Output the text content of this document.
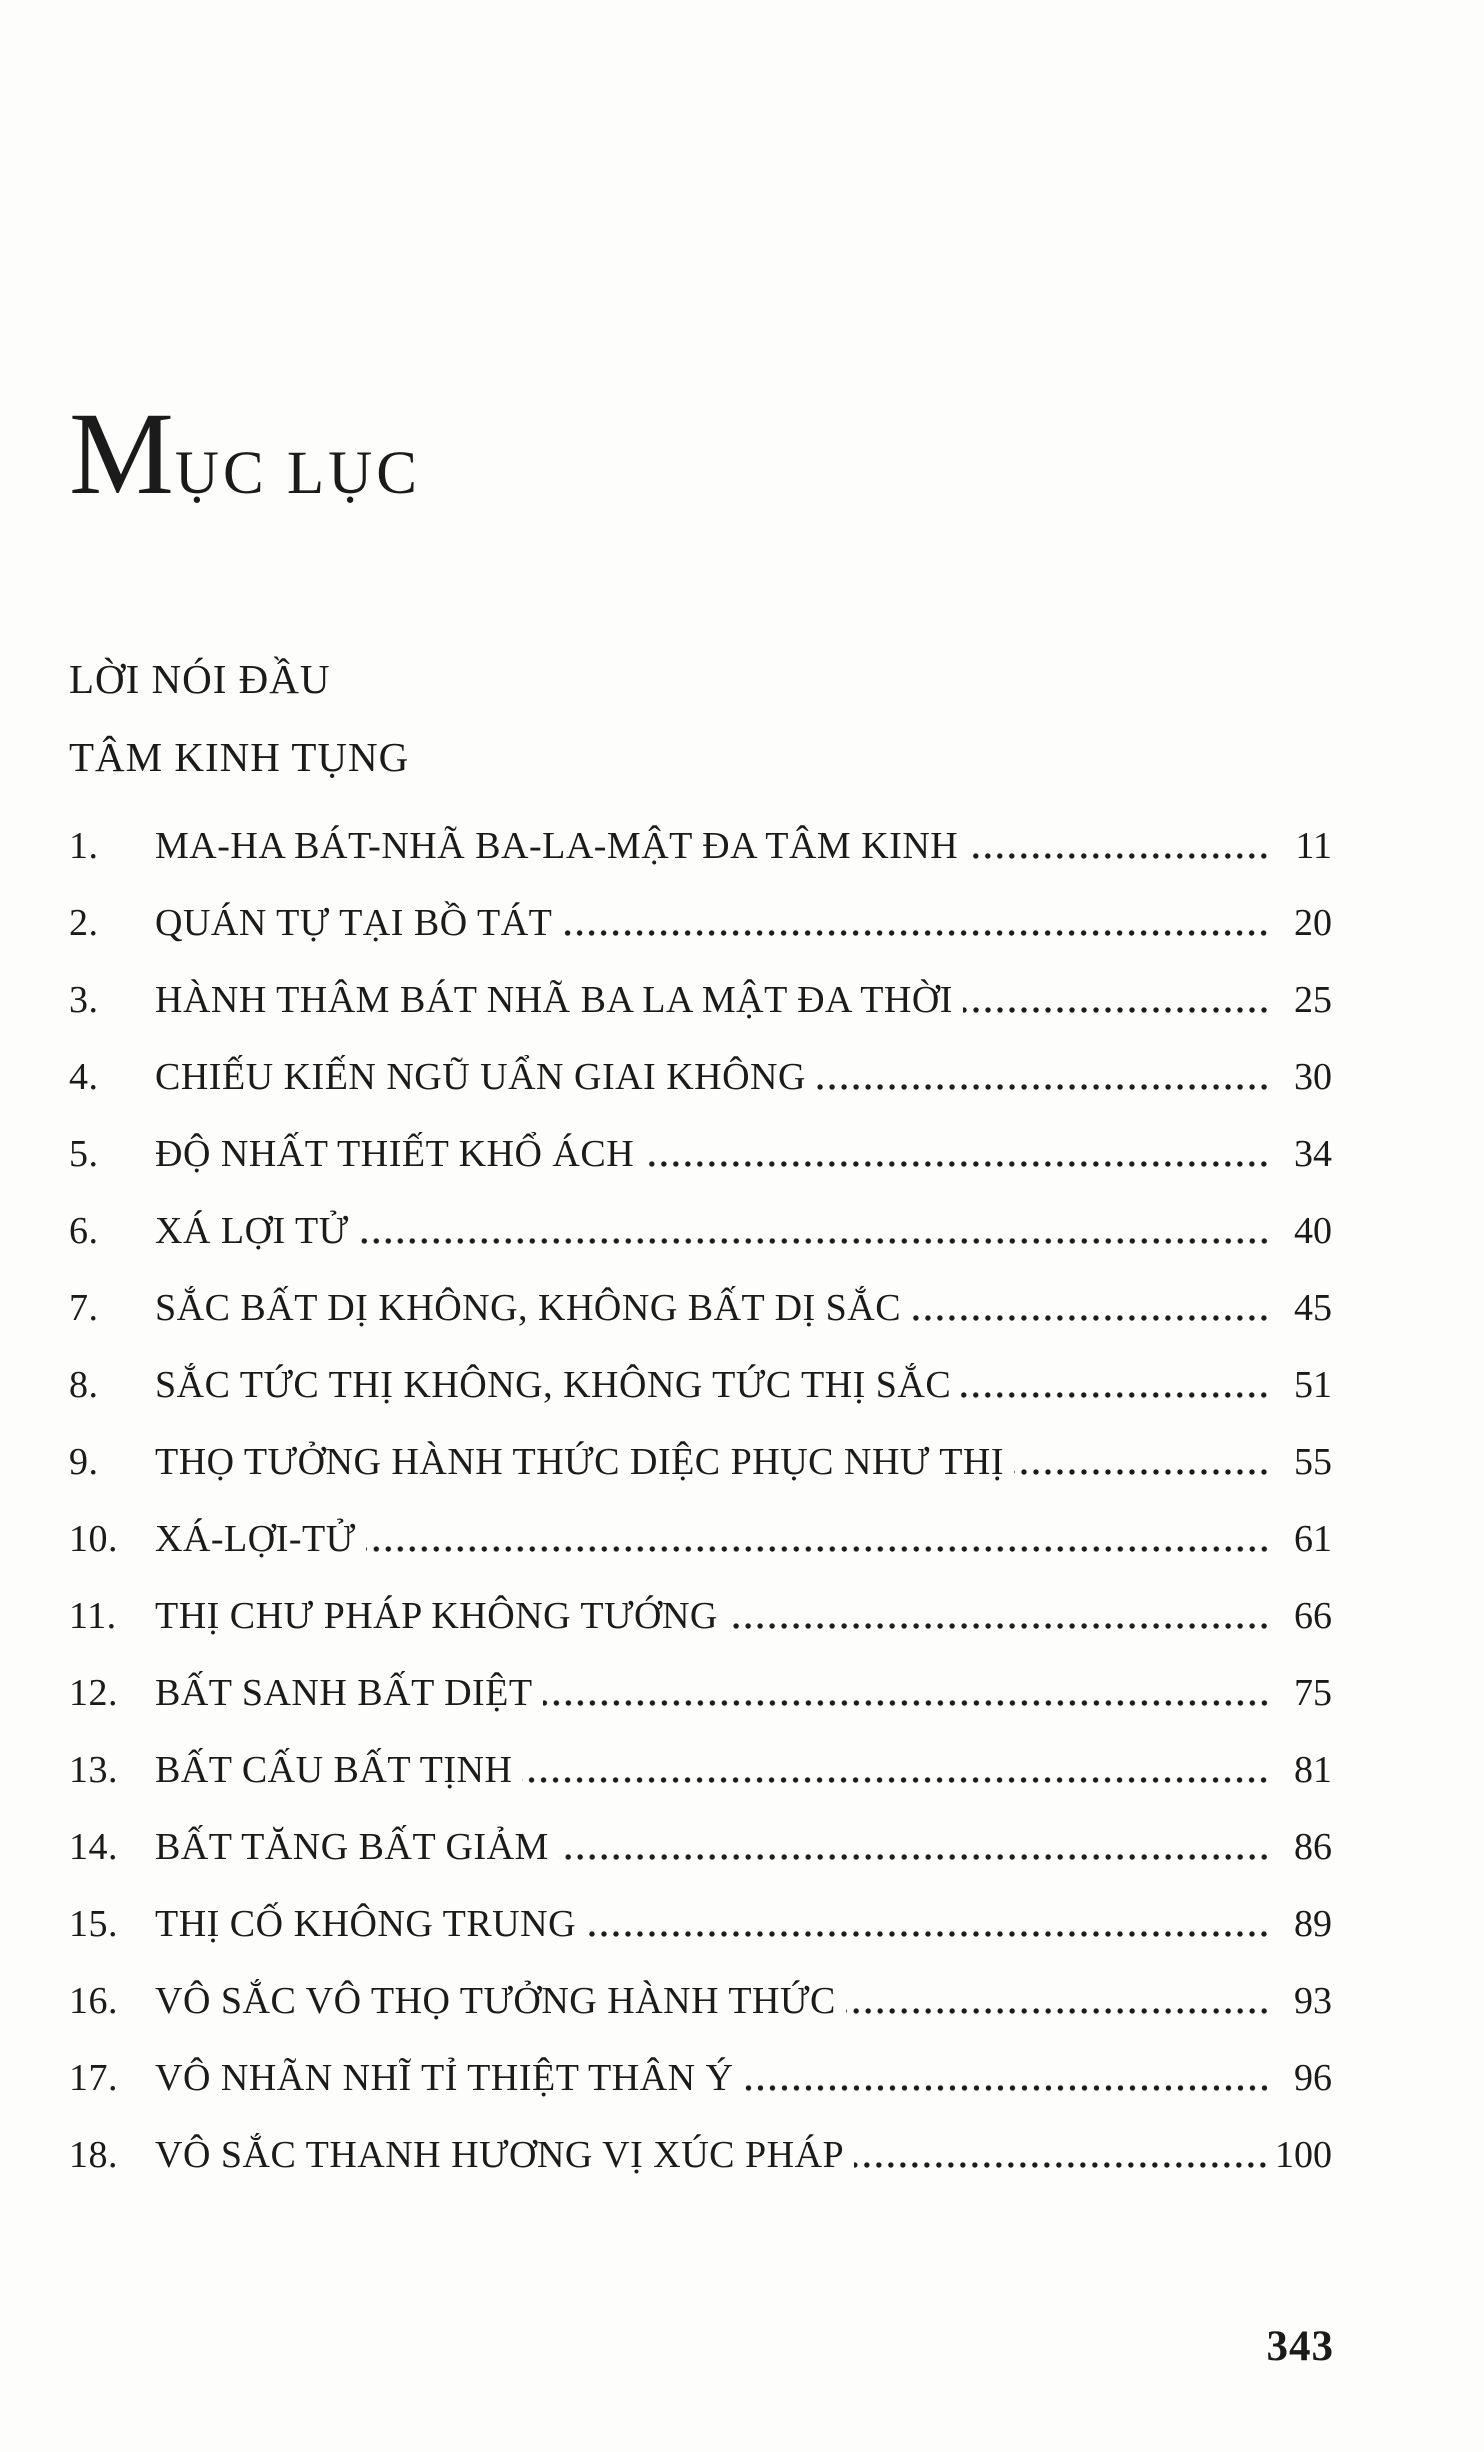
MỤC LỤC
LỜI NÓI ĐẦU
TÂM KINH TỤNG
1.	MA-HA BÁT-NHÃ BA-LA-MẬT ĐA TÂM KINH	11
2.	QUÁN TỰ TẠI BỒ TÁT	20
3.	HÀNH THÂM BÁT NHÃ BA LA MẬT ĐA THỜI	25
4.	CHIẾU KIẾN NGŨ UẨN GIAI KHÔNG	30
5.	ĐỘ NHẤT THIẾT KHỔ ÁCH	34
6.	XÁ LỢI TỬ	40
7.	SẮC BẤT DỊ KHÔNG, KHÔNG BẤT DỊ SẮC	45
8.	SẮC TỨC THỊ KHÔNG, KHÔNG TỨC THỊ SẮC	51
9.	THỌ TƯỞNG HÀNH THỨC DIỆC PHỤC NHƯ THỊ	55
10. XÁ-LỢI-TỬ	61
11.	THỊ CHƯ PHÁP KHÔNG TƯỚNG	66
12. BẤT SANH BẤT DIỆT	75
13. BẤT CẤU BẤT TỊNH	81
14. BẤT TĂNG BẤT GIẢM	86
15. THỊ CỐ KHÔNG TRUNG	89
16. VÔ SẮC VÔ THỌ TƯỞNG HÀNH THỨC	93
17. VÔ NHÃN NHĨ TỈ THIỆT THÂN Ý	96
18. VÔ SẮC THANH HƯƠNG VỊ XÚC PHÁP	100
343
